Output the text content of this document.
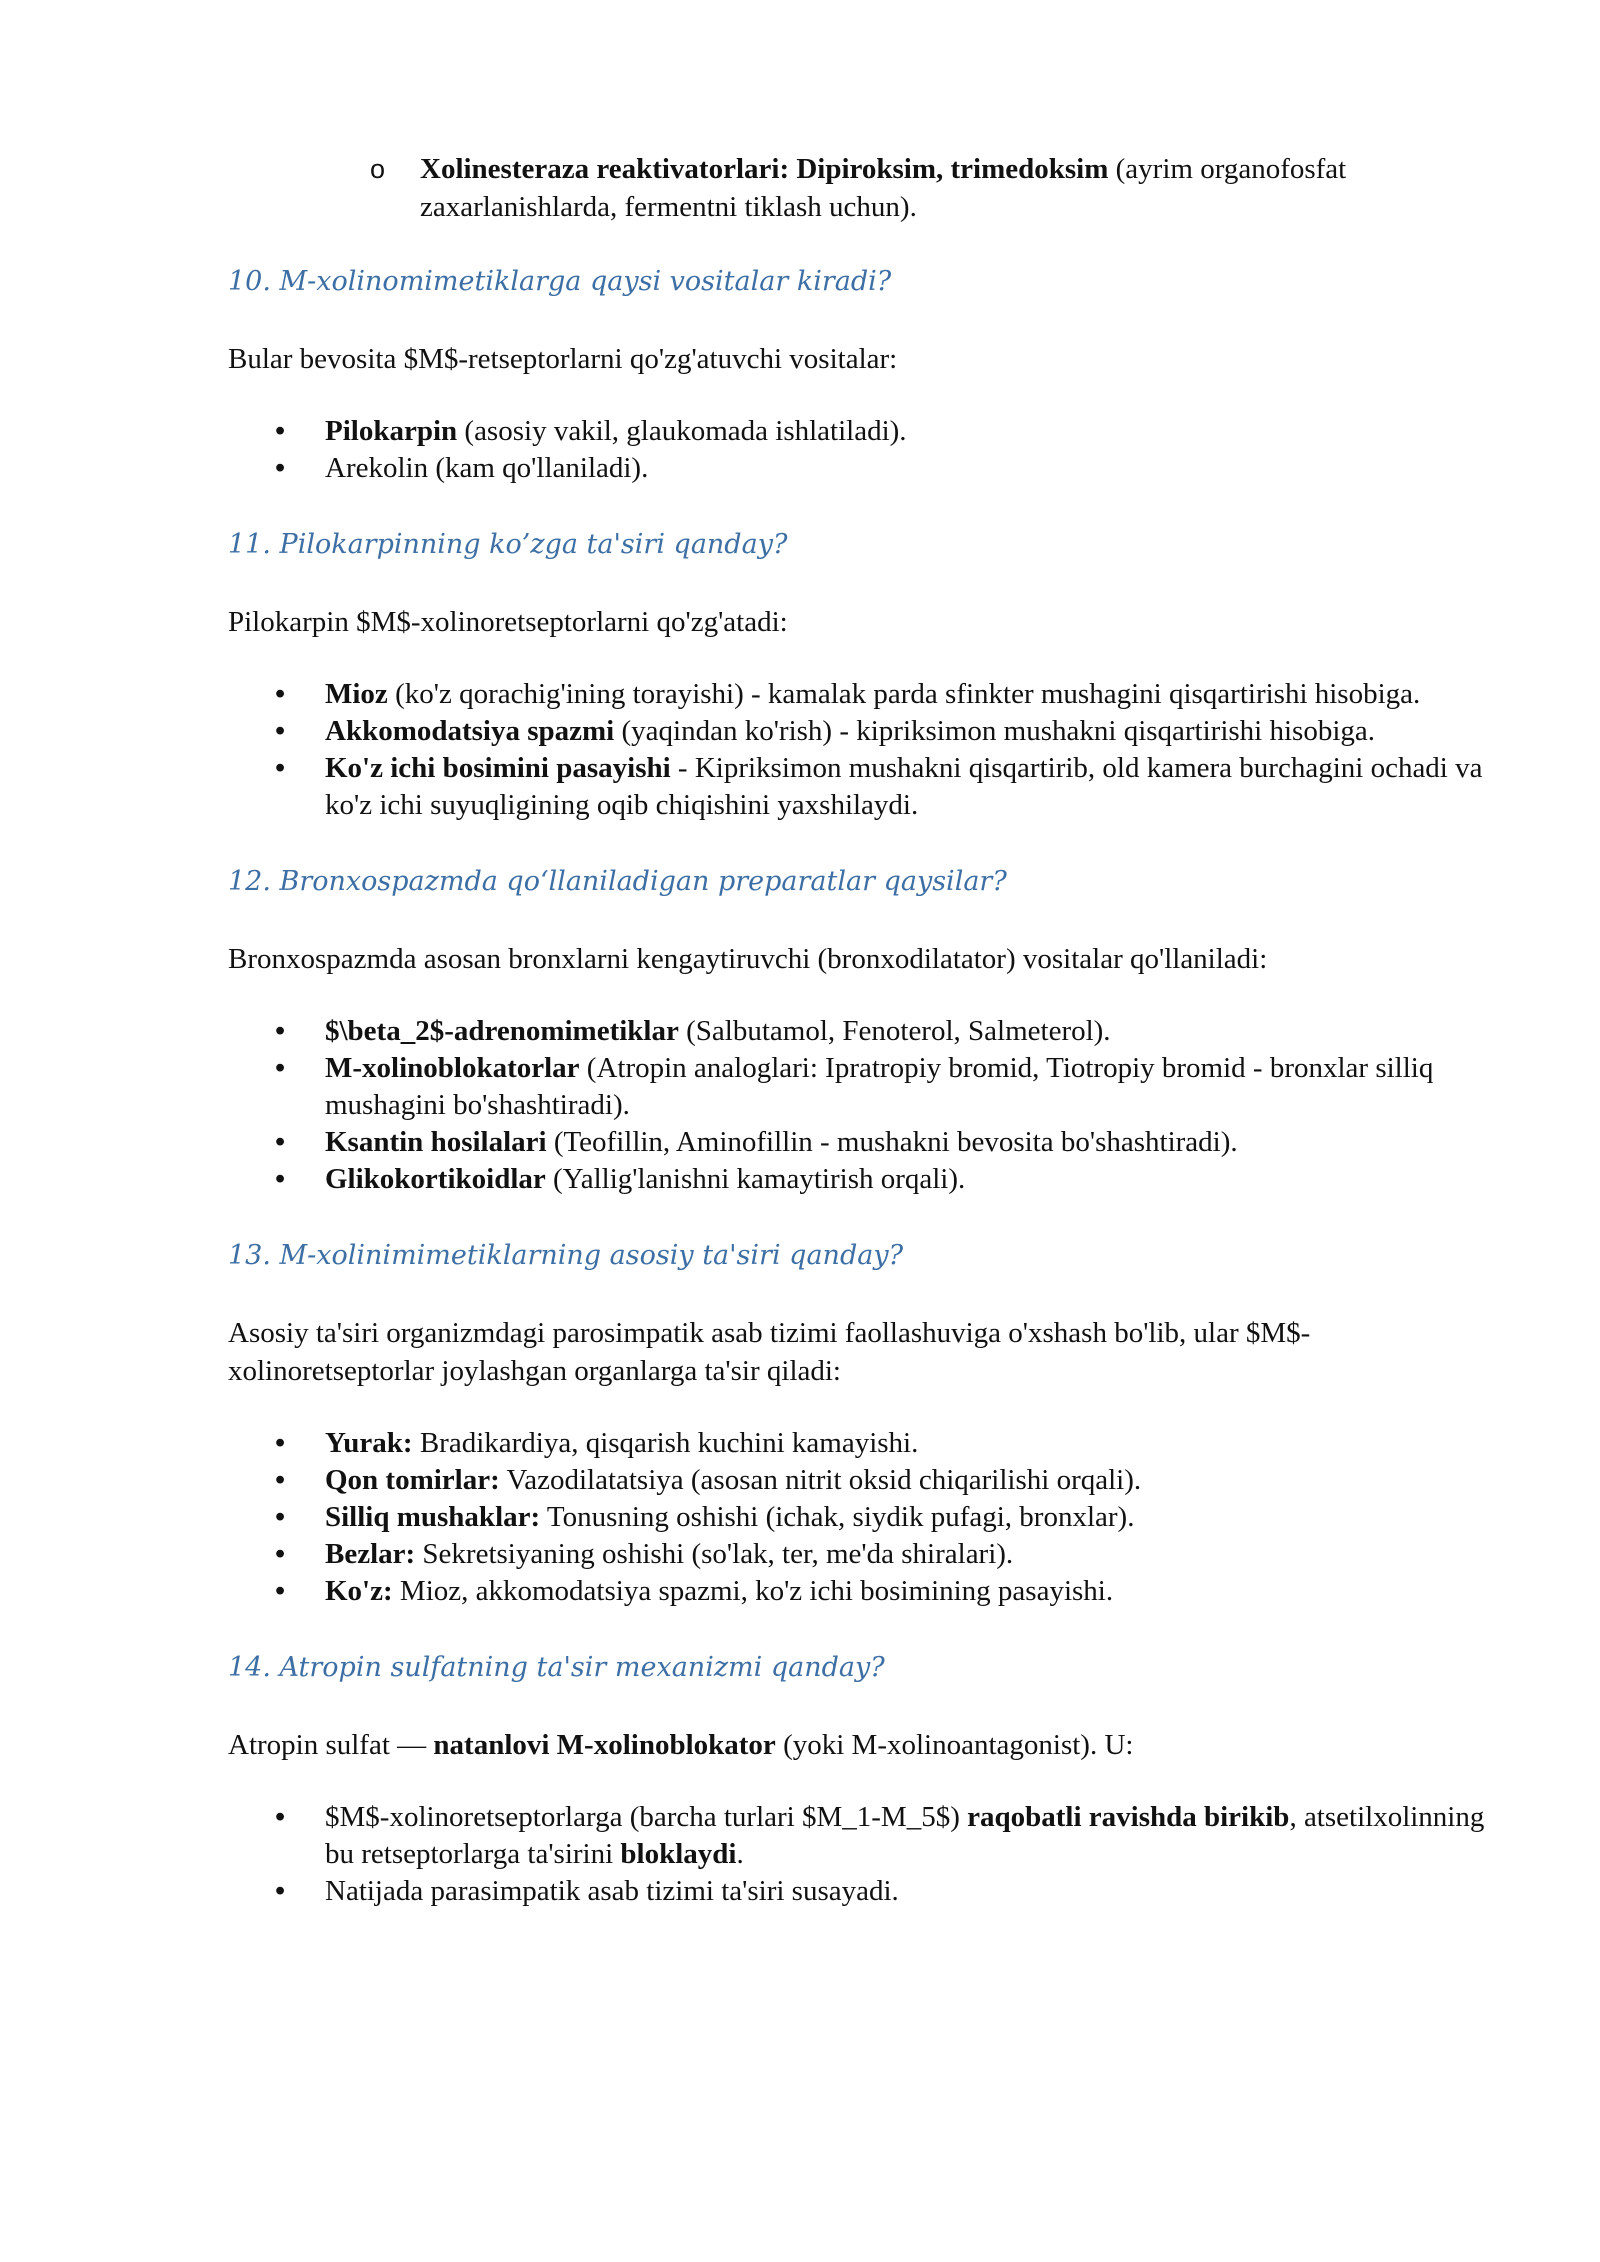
o Xolinesteraza reaktivatorlari: Dipiroksim, trimedoksim (ayrim organofosfat zaxarlanishlarda, fermentni tiklash uchun).
10. M-xolinomimetiklarga qaysi vositalar kiradi?

Bular bevosita $M$-retseptorlarni qo'zg'atuvchi vositalar:

• Pilokarpin (asosiy vakil, glaukomada ishlatiladi).
• Arekolin (kam qo'llaniladi).
11. Pilokarpinning ko’zga ta'siri qanday?

Pilokarpin $M$-xolinoretseptorlarni qo'zg'atadi:

• Mioz (ko'z qorachig'ining torayishi) - kamalak parda sfinkter mushagini qisqartirishi hisobiga.
• Akkomodatsiya spazmi (yaqindan ko'rish) - kipriksimon mushakni qisqartirishi hisobiga.
• Ko'z ichi bosimini pasayishi - Kipriksimon mushakni qisqartirib, old kamera burchagini ochadi va ko'z ichi suyuqligining oqib chiqishini yaxshilaydi.
12. Bronxospazmda qoʻllaniladigan preparatlar qaysilar?

Bronxospazmda asosan bronxlarni kengaytiruvchi (bronxodilatator) vositalar qo'llaniladi:

• $\beta_2$-adrenomimetiklar (Salbutamol, Fenoterol, Salmeterol).
• M-xolinoblokatorlar (Atropin analoglari: Ipratropiy bromid, Tiotropiy bromid - bronxlar silliq mushagini bo'shashtiradi).
• Ksantin hosilalari (Teofillin, Aminofillin - mushakni bevosita bo'shashtiradi).
• Glikokortikoidlar (Yallig'lanishni kamaytirish orqali).
13. M-xolinimimetiklarning asosiy ta'siri qanday?

Asosiy ta'siri organizmdagi parosimpatik asab tizimi faollashuviga o'xshash bo'lib, ular $M$-xolinoretseptorlar joylashgan organlarga ta'sir qiladi:

• Yurak: Bradikardiya, qisqarish kuchini kamayishi.
• Qon tomirlar: Vazodilatatsiya (asosan nitrit oksid chiqarilishi orqali).
• Silliq mushaklar: Tonusning oshishi (ichak, siydik pufagi, bronxlar).
• Bezlar: Sekretsiyaning oshishi (so'lak, ter, me'da shiralari).
• Ko'z: Mioz, akkomodatsiya spazmi, ko'z ichi bosimining pasayishi.
14. Atropin sulfatning ta'sir mexanizmi qanday?

Atropin sulfat — natanlovi M-xolinoblokator (yoki M-xolinoantagonist). U:

• $M$-xolinoretseptorlarga (barcha turlari $M_1-M_5$) raqobatli ravishda birikib, atsetilxolinning bu retseptorlarga ta'sirini bloklaydi.
• Natijada parasimpatik asab tizimi ta'siri susayadi.
